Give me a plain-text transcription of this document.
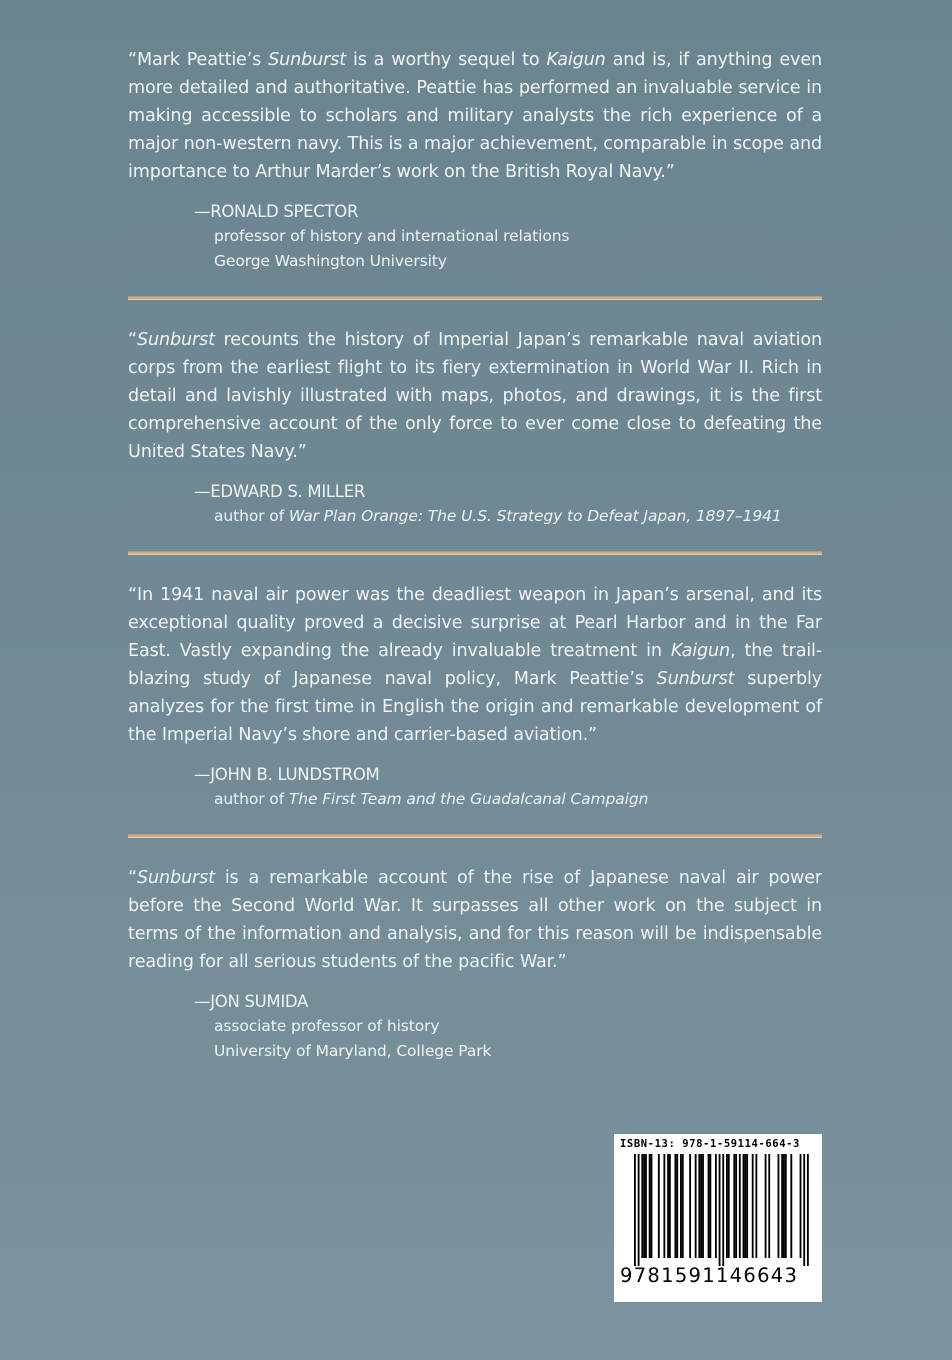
“Mark Peattie’s Sunburst is a worthy sequel to Kaigun and is, if anything even more detailed and authoritative. Peattie has performed an invaluable service in making accessible to scholars and military analysts the rich experience of a major non-western navy. This is a major achievement, comparable in scope and importance to Arthur Marder’s work on the British Royal Navy.”

—RONALD SPECTOR
professor of history and international relations
George Washington University

“Sunburst recounts the history of Imperial Japan’s remarkable naval aviation corps from the earliest flight to its fiery extermination in World War II. Rich in detail and lavishly illustrated with maps, photos, and drawings, it is the first comprehensive account of the only force to ever come close to defeating the United States Navy.”

—EDWARD S. MILLER
author of War Plan Orange: The U.S. Strategy to Defeat Japan, 1897–1941

“In 1941 naval air power was the deadliest weapon in Japan’s arsenal, and its exceptional quality proved a decisive surprise at Pearl Harbor and in the Far East. Vastly expanding the already invaluable treatment in Kaigun, the trail-blazing study of Japanese naval policy, Mark Peattie’s Sunburst superbly analyzes for the first time in English the origin and remarkable development of the Imperial Navy’s shore and carrier-based aviation.”

—JOHN B. LUNDSTROM
author of The First Team and the Guadalcanal Campaign

“Sunburst is a remarkable account of the rise of Japanese naval air power before the Second World War. It surpasses all other work on the subject in terms of the information and analysis, and for this reason will be indispensable reading for all serious students of the pacific War.”

—JON SUMIDA
associate professor of history
University of Maryland, College Park
ISBN-13: 978-1-59114-664-3
9781591146643
